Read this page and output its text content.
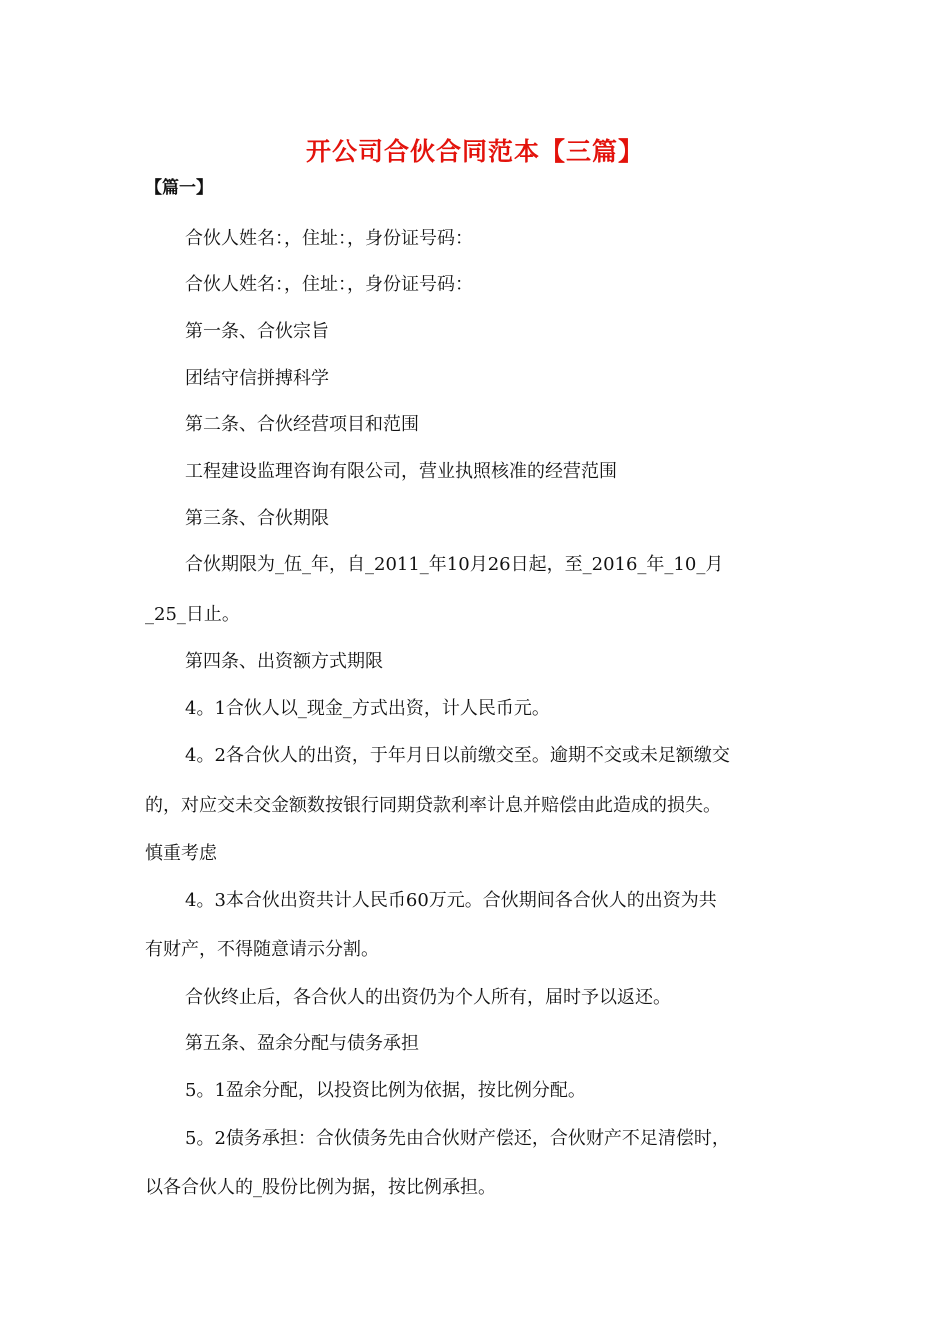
开公司合伙合同范本【三篇】
【篇一】
合伙人姓名：，住址：，身份证号码：
合伙人姓名：，住址：，身份证号码：
第一条、合伙宗旨
团结守信拼搏科学
第二条、合伙经营项目和范围
工程建设监理咨询有限公司，营业执照核准的经营范围
第三条、合伙期限
合伙期限为_伍_年，自_2011_年10月26日起，至_2016_年_10_月
_25_日止。
第四条、出资额方式期限
4。1合伙人以_现金_方式出资，计人民币元。
4。2各合伙人的出资，于年月日以前缴交至。逾期不交或未足额缴交
的，对应交未交金额数按银行同期贷款利率计息并赔偿由此造成的损失。
慎重考虑
4。3本合伙出资共计人民币60万元。合伙期间各合伙人的出资为共
有财产，不得随意请示分割。
合伙终止后，各合伙人的出资仍为个人所有，届时予以返还。
第五条、盈余分配与债务承担
5。1盈余分配，以投资比例为依据，按比例分配。
5。2债务承担：合伙债务先由合伙财产偿还，合伙财产不足清偿时，
以各合伙人的_股份比例为据，按比例承担。
